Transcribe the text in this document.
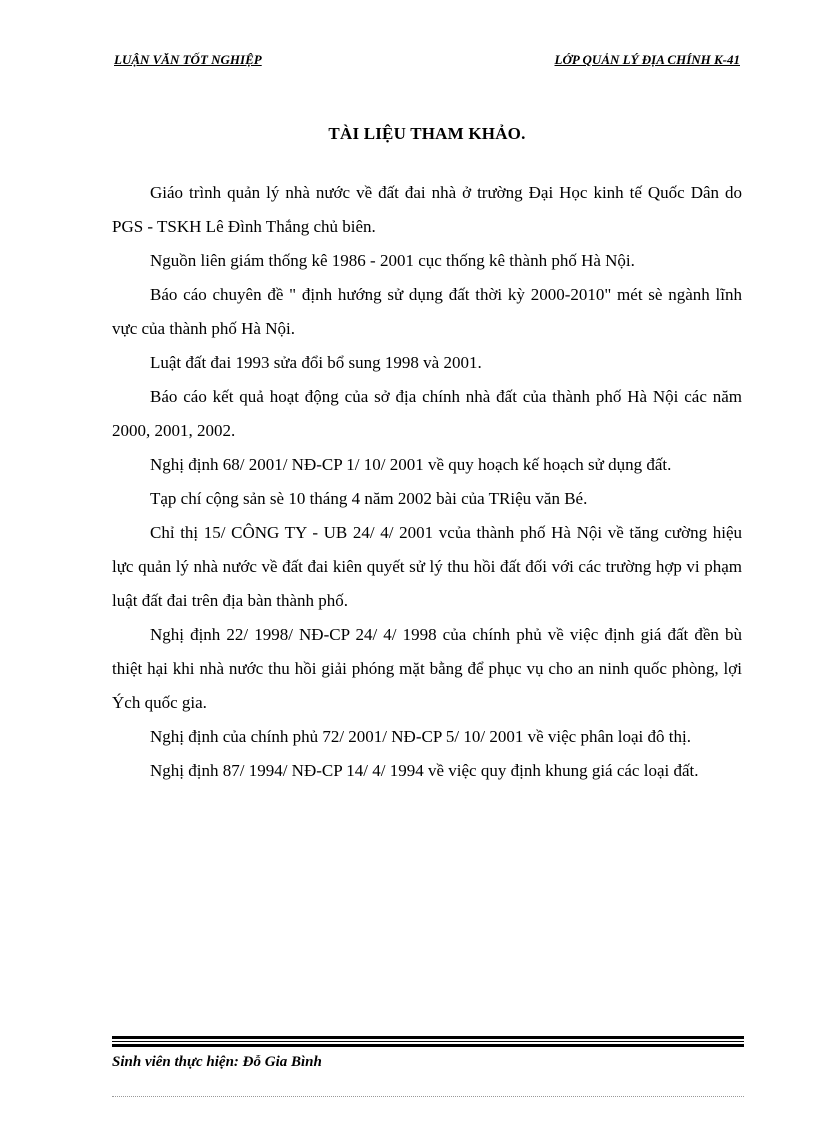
LUẬN VĂN TỐT NGHIỆP	LỚP QUẢN LÝ ĐỊA CHÍNH K-41
TÀI LIỆU THAM KHẢO.

Giáo trình quản lý nhà nước về đất đai nhà ở trường Đại Học kinh tế Quốc Dân do PGS - TSKH Lê Đình Thắng chủ biên.

Nguồn liên giám thống kê 1986 - 2001 cục thống kê thành phố Hà Nội.

Báo cáo chuyên đề " định hướng sử dụng đất thời kỳ 2000-2010" mét sè ngành lĩnh vực của thành phố Hà Nội.

Luật đất đai 1993 sửa đổi bổ sung 1998 và 2001.

Báo cáo kết quả hoạt động của sở địa chính nhà đất của thành phố Hà Nội các năm 2000, 2001, 2002.

Nghị định 68/ 2001/ NĐ-CP 1/ 10/ 2001 về quy hoạch kế hoạch sử dụng đất.

Tạp chí cộng sản sè 10 tháng 4 năm 2002 bài của TRiệu văn Bé.

Chỉ thị 15/ CÔNG TY - UB 24/ 4/ 2001 vcủa thành phố Hà Nội về tăng cường hiệu lực quản lý nhà nước về đất đai kiên quyết sử lý thu hồi đất đối với các trường hợp vi phạm luật đất đai trên địa bàn thành phố.

Nghị định 22/ 1998/ NĐ-CP 24/ 4/ 1998 của chính phủ về việc định giá đất đền bù thiệt hại khi nhà nước thu hồi giải phóng mặt bằng để phục vụ cho an ninh quốc phòng, lợi Ých quốc gia.

Nghị định của chính phủ 72/ 2001/ NĐ-CP 5/ 10/ 2001 về việc phân loại đô thị.

Nghị định 87/ 1994/ NĐ-CP 14/ 4/ 1994 về việc quy định khung giá các loại đất.

Sinh viên thực hiện: Đỗ Gia Bình
